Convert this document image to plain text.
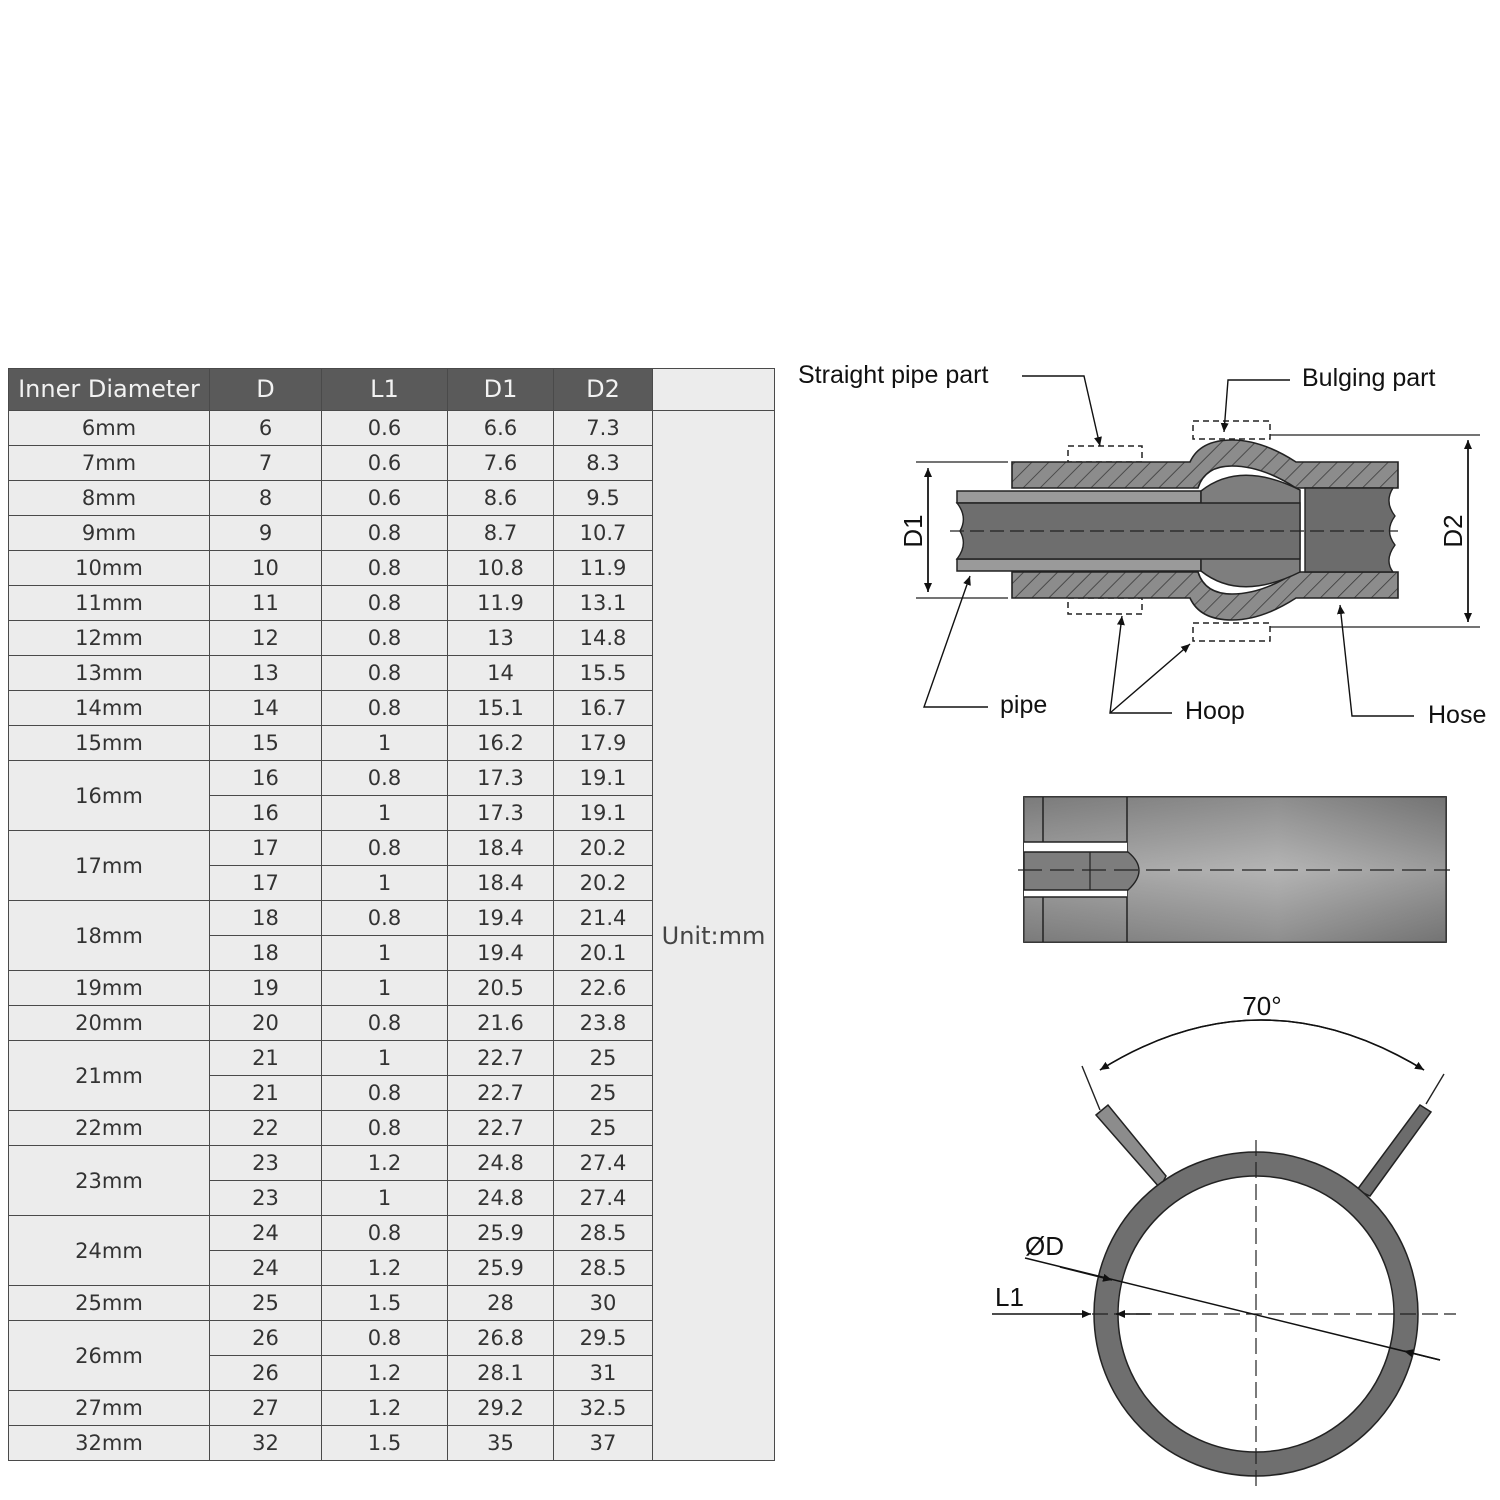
Inner Diameter	D	L1	D1	D2	
6mm	6	0.6	6.6	7.3	Unit:mm
7mm	7	0.6	7.6	8.3	
8mm	8	0.6	8.6	9.5	
9mm	9	0.8	8.7	10.7	
10mm	10	0.8	10.8	11.9	
11mm	11	0.8	11.9	13.1	
12mm	12	0.8	13	14.8	
13mm	13	0.8	14	15.5	
14mm	14	0.8	15.1	16.7	
15mm	15	1	16.2	17.9	
16mm	16	0.8	17.3	19.1	
	16	1	17.3	19.1	
17mm	17	0.8	18.4	20.2	
	17	1	18.4	20.2	
18mm	18	0.8	19.4	21.4	
	18	1	19.4	20.1	
19mm	19	1	20.5	22.6	
20mm	20	0.8	21.6	23.8	
21mm	21	1	22.7	25	
	21	0.8	22.7	25	
22mm	22	0.8	22.7	25	
23mm	23	1.2	24.8	27.4	
	23	1	24.8	27.4	
24mm	24	0.8	25.9	28.5	
	24	1.2	25.9	28.5	
25mm	25	1.5	28	30	
26mm	26	0.8	26.8	29.5	
	26	1.2	28.1	31	
27mm	27	1.2	29.2	32.5	
32mm	32	1.5	35	37	
D1	D2
Straight pipe part	Bulging part
pipe	Hoop	Hose
70°
ØD
L1
